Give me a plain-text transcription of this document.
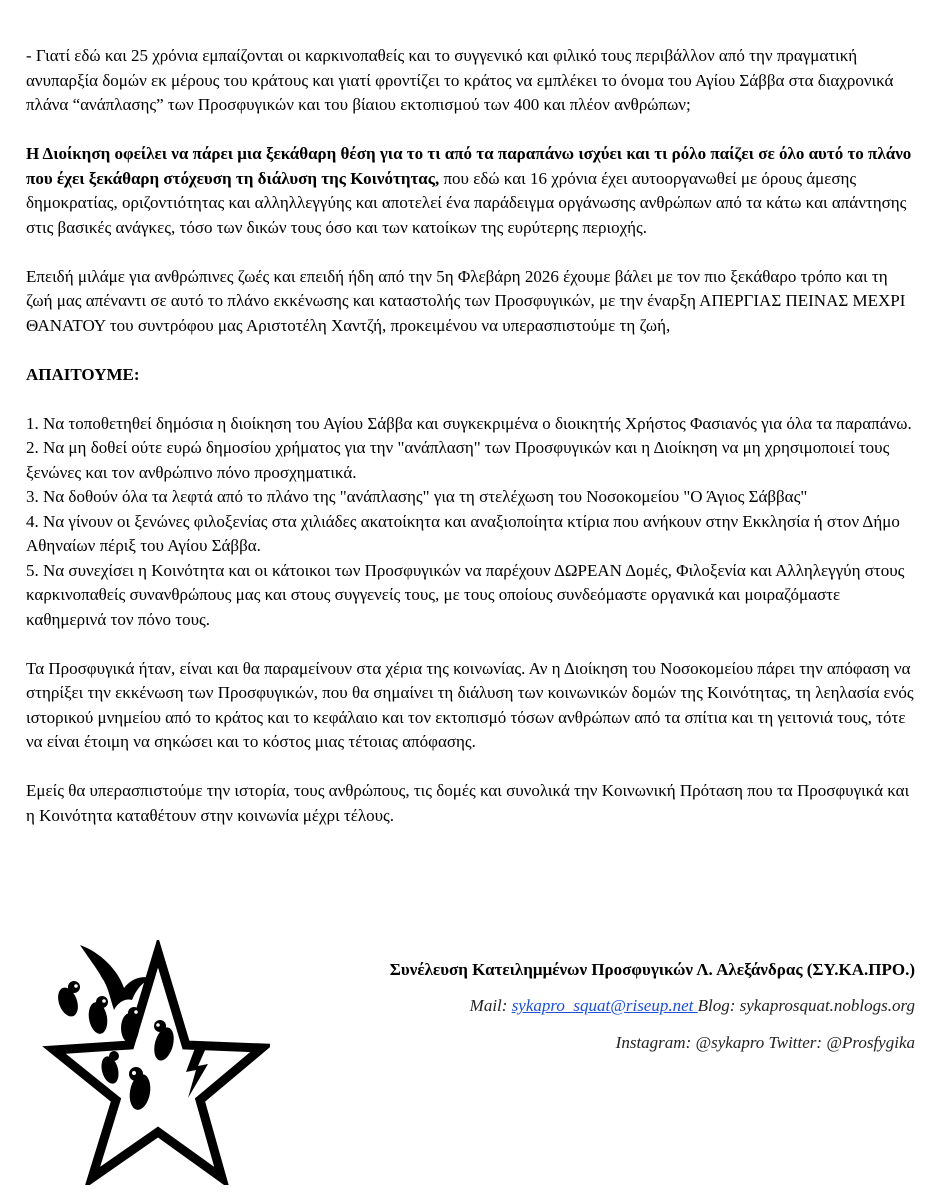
- Γιατί εδώ και 25 χρόνια εμπαίζονται οι καρκινοπαθείς και το συγγενικό και φιλικό τους περιβάλλον από την πραγματική ανυπαρξία δομών εκ μέρους του κράτους και γιατί φροντίζει το κράτος να εμπλέκει το όνομα του Αγίου Σάββα στα διαχρονικά πλάνα “ανάπλασης” των Προσφυγικών και του βίαιου εκτοπισμού των 400 και πλέον ανθρώπων;

Η Διοίκηση οφείλει να πάρει μια ξεκάθαρη θέση για το τι από τα παραπάνω ισχύει και τι ρόλο παίζει σε όλο αυτό το πλάνο που έχει ξεκάθαρη στόχευση τη διάλυση της Κοινότητας, που εδώ και 16 χρόνια έχει αυτοοργανωθεί με όρους άμεσης δημοκρατίας, οριζοντιότητας και αλληλλεγγύης και αποτελεί ένα παράδειγμα οργάνωσης ανθρώπων από τα κάτω και απάντησης στις βασικές ανάγκες, τόσο των δικών τους όσο και των κατοίκων της ευρύτερης περιοχής.

Επειδή μιλάμε για ανθρώπινες ζωές και επειδή ήδη από την 5η Φλεβάρη 2026 έχουμε βάλει με τον πιο ξεκάθαρο τρόπο και τη ζωή μας απέναντι σε αυτό το πλάνο εκκένωσης και καταστολής των Προσφυγικών, με την έναρξη ΑΠΕΡΓΙΑΣ ΠΕΙΝΑΣ ΜΕΧΡΙ ΘΑΝΑΤΟΥ του συντρόφου μας Αριστοτέλη Χαντζή, προκειμένου να υπερασπιστούμε τη ζωή,

ΑΠΑΙΤΟΥΜΕ:

1. Να τοποθετηθεί δημόσια η διοίκηση του Αγίου Σάββα και συγκεκριμένα ο διοικητής Χρήστος Φασιανός για όλα τα παραπάνω.

2. Να μη δοθεί ούτε ευρώ δημοσίου χρήματος για την "ανάπλαση" των Προσφυγικών και η Διοίκηση να μη χρησιμοποιεί τους ξενώνες και τον ανθρώπινο πόνο προσχηματικά.

3. Να δοθούν όλα τα λεφτά από το πλάνο της "ανάπλασης" για τη στελέχωση του Νοσοκομείου "Ο Άγιος Σάββας"

4. Να γίνουν οι ξενώνες φιλοξενίας στα χιλιάδες ακατοίκητα και αναξιοποίητα κτίρια που ανήκουν στην Εκκλησία ή στον Δήμο Αθηναίων πέριξ του Αγίου Σάββα.

5. Να συνεχίσει η Κοινότητα και οι κάτοικοι των Προσφυγικών να παρέχουν ΔΩΡΕΑΝ Δομές, Φιλοξενία και Αλληλεγγύη στους καρκινοπαθείς συνανθρώπους μας και στους συγγενείς τους, με τους οποίους συνδεόμαστε οργανικά και μοιραζόμαστε καθημερινά τον πόνο τους.

Τα Προσφυγικά ήταν, είναι και θα παραμείνουν στα χέρια της κοινωνίας. Αν η Διοίκηση του Νοσοκομείου πάρει την απόφαση να στηρίξει την εκκένωση των Προσφυγικών, που θα σημαίνει τη διάλυση των κοινωνικών δομών της Κοινότητας, τη λεηλασία ενός ιστορικού μνημείου από το κράτος και το κεφάλαιο και τον εκτοπισμό τόσων ανθρώπων από τα σπίτια και τη γειτονιά τους, τότε να είναι έτοιμη να σηκώσει και το κόστος μιας τέτοιας απόφασης.

Εμείς θα υπερασπιστούμε την ιστορία, τους ανθρώπους, τις δομές και συνολικά την Κοινωνική Πρόταση που τα Προσφυγικά και η Κοινότητα καταθέτουν στην κοινωνία μέχρι τέλους.

Συνέλευση Κατειλημμένων Προσφυγικών Λ. Αλεξάνδρας (ΣΥ.ΚΑ.ΠΡΟ.)
Mail: sykapro_squat@riseup.net Blog: sykaprosquat.noblogs.org
Instagram: @sykapro Twitter: @Prosfygika
